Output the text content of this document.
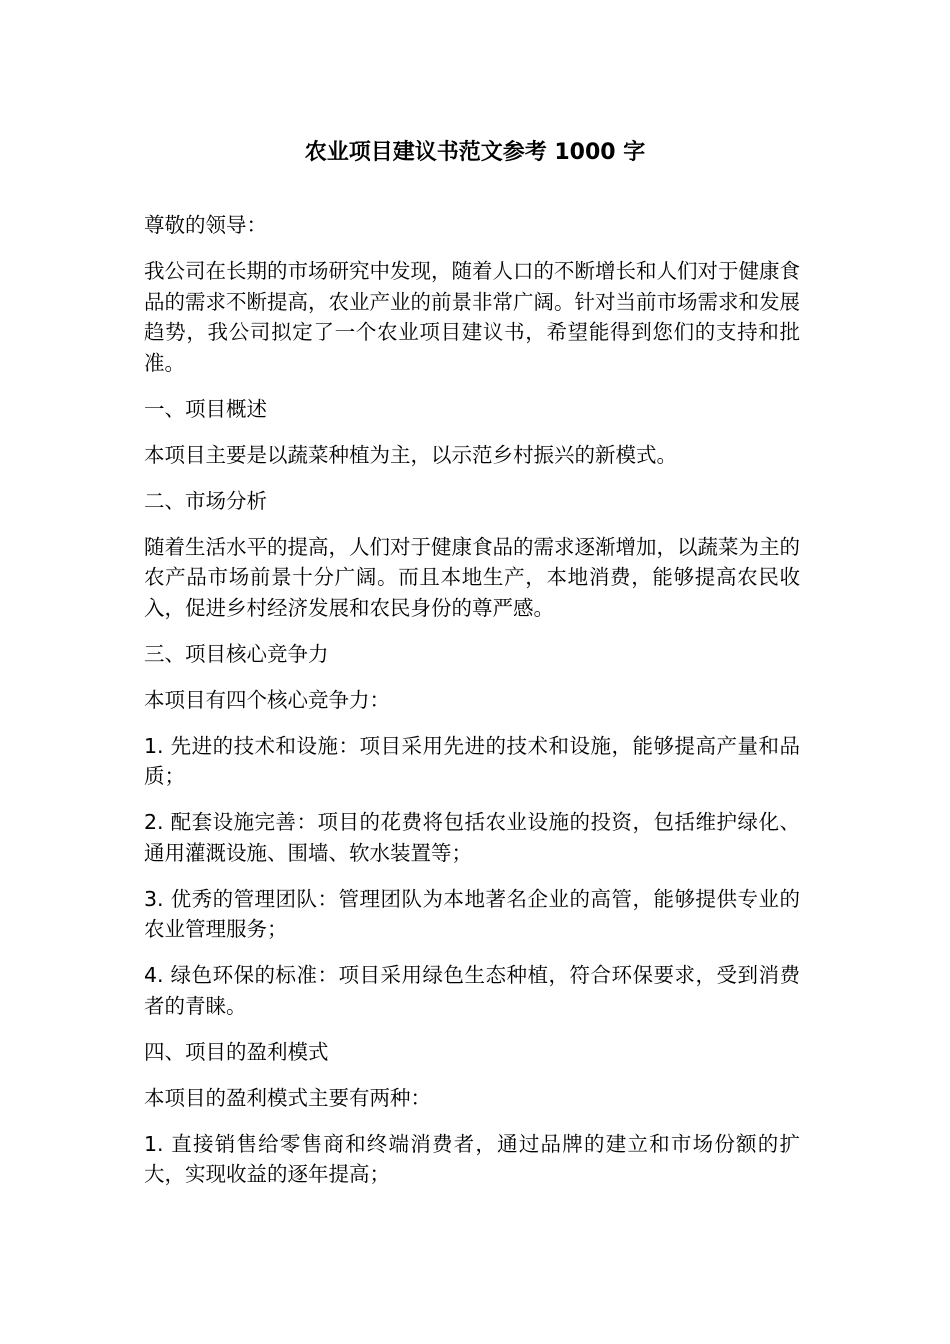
农业项目建议书范文参考 1000 字

尊敬的领导：

我公司在长期的市场研究中发现，随着人口的不断增长和人们对于健康食品的需求不断提高，农业产业的前景非常广阔。针对当前市场需求和发展趋势，我公司拟定了一个农业项目建议书，希望能得到您们的支持和批准。

一、项目概述

本项目主要是以蔬菜种植为主，以示范乡村振兴的新模式。

二、市场分析

随着生活水平的提高，人们对于健康食品的需求逐渐增加，以蔬菜为主的农产品市场前景十分广阔。而且本地生产，本地消费，能够提高农民收入，促进乡村经济发展和农民身份的尊严感。

三、项目核心竞争力

本项目有四个核心竞争力：

1. 先进的技术和设施：项目采用先进的技术和设施，能够提高产量和品质；

2. 配套设施完善：项目的花费将包括农业设施的投资，包括维护绿化、通用灌溉设施、围墙、软水装置等；

3. 优秀的管理团队：管理团队为本地著名企业的高管，能够提供专业的农业管理服务；

4. 绿色环保的标准：项目采用绿色生态种植，符合环保要求，受到消费者的青睐。

四、项目的盈利模式

本项目的盈利模式主要有两种：

1. 直接销售给零售商和终端消费者，通过品牌的建立和市场份额的扩大，实现收益的逐年提高；
